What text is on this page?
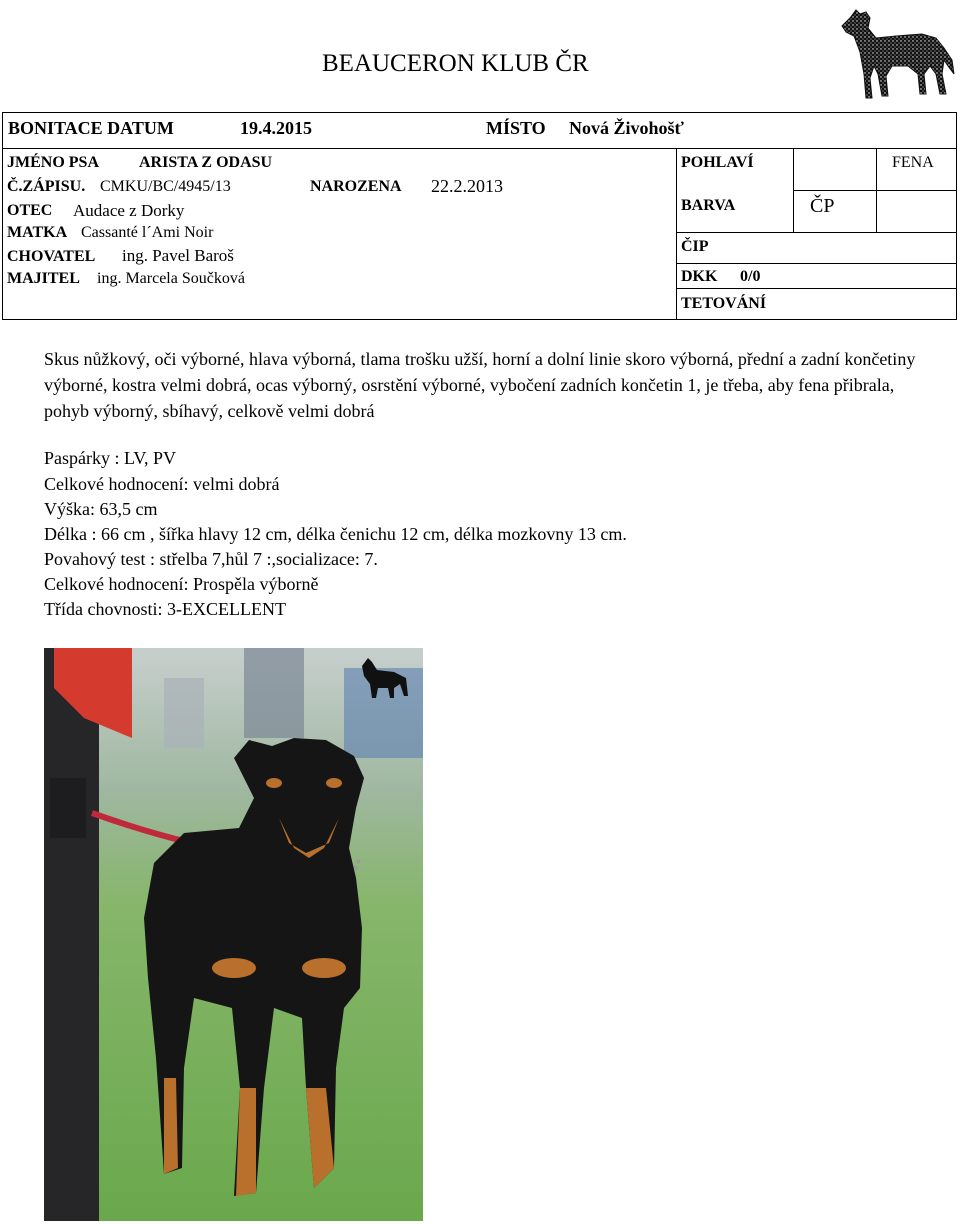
BEAUCERON KLUB ČR
BONITACE DATUM	19.4.2015	MÍSTO Nová Živohošť
JMÉNO PSA	ARISTA Z ODASU
Č.ZÁPISU. CMKU/BC/4945/13	NAROZENA 22.2.2013
OTEC Audace z Dorky
MATKA Cassanté l´Ami Noir
CHOVATEL ing. Pavel Baroš
MAJITEL ing. Marcela Součková
POHLAVÍ	FENA
BARVA	ČP
ČIP
DKK 0/0
TETOVÁNÍ
Skus nůžkový, oči výborné, hlava výborná, tlama trošku užší, horní a dolní linie skoro výborná, přední a zadní končetiny výborné, kostra velmi dobrá, ocas výborný, osrstění výborné, vybočení zadních končetin 1, je třeba, aby fena přibrala, pohyb výborný, sbíhavý, celkově velmi dobrá
Paspárky : LV, PV
Celkové hodnocení: velmi dobrá
Výška: 63,5 cm
Délka : 66 cm , šířka hlavy 12 cm, délka čenichu 12 cm, délka mozkovny 13 cm.
Povahový test : střelba 7,hůl 7 :,socializace: 7.
Celkové hodnocení: Prospěla výborně
Třída chovnosti: 3-EXCELLENT
